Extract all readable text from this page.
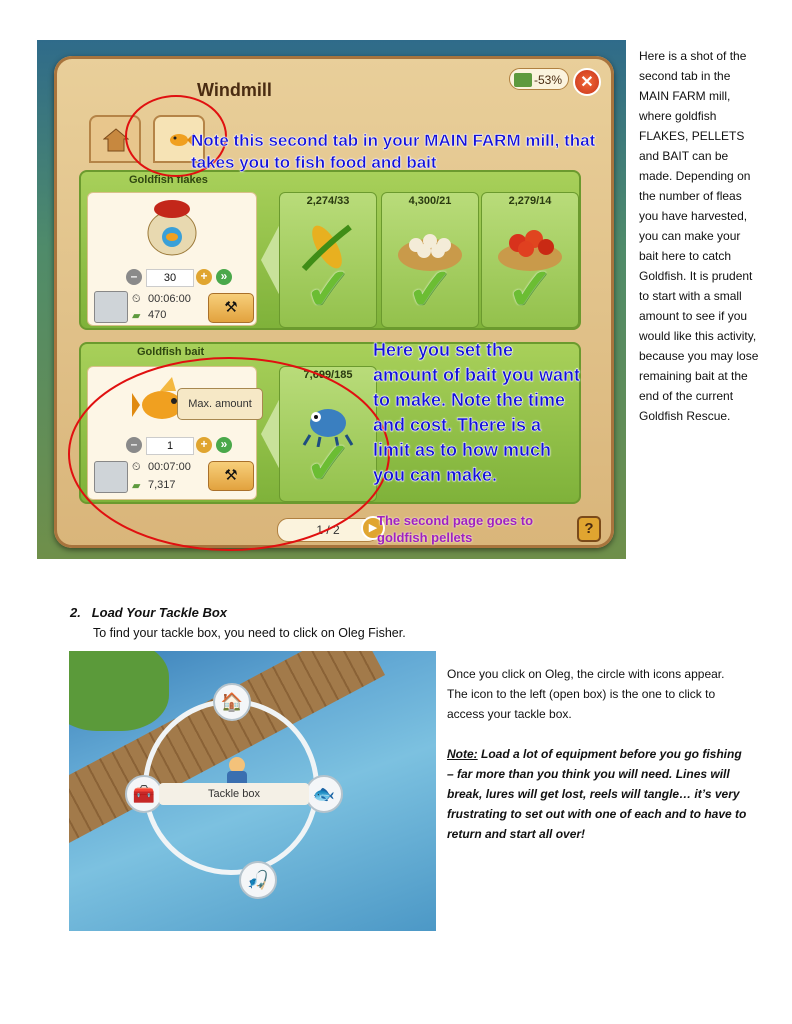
Windmill	-53%	✕
Goldfish flakes
–	30	+	»
⏲ 00:06:00
▰ 470	⚒
2,274/33
✓
4,300/21
✓
2,279/14
✓
Goldfish bait
–	1	+	»
⏲ 00:07:00
▰ 7,317
⚒
7,699/185
✓
Max. amount
1 / 2	▶	?
Note this second tab in your MAIN FARM mill, that takes you to fish food and bait
Here you set the amount of bait you want to make. Note the time and cost. There is a limit as to how much you can make.
The second page goes to goldfish pellets
Here is a shot of the second tab in the MAIN FARM mill, where goldfish FLAKES, PELLETS and BAIT can be made. Depending on the number of fleas you have harvested, you can make your bait here to catch Goldfish. It is prudent to start with a small amount to see if you would like this activity, because you may lose remaining bait at the end of the current Goldfish Rescue.
2. Load Your Tackle Box
To find your tackle box, you need to click on Oleg Fisher.
🏠
🧰	🐟
🎣
Tackle box
Once you click on Oleg, the circle with icons appear. The icon to the left (open box) is the one to click to access your tackle box.
Note: Load a lot of equipment before you go fishing – far more than you think you will need. Lines will break, lures will get lost, reels will tangle… it’s very frustrating to set out with one of each and to have to return and start all over!
